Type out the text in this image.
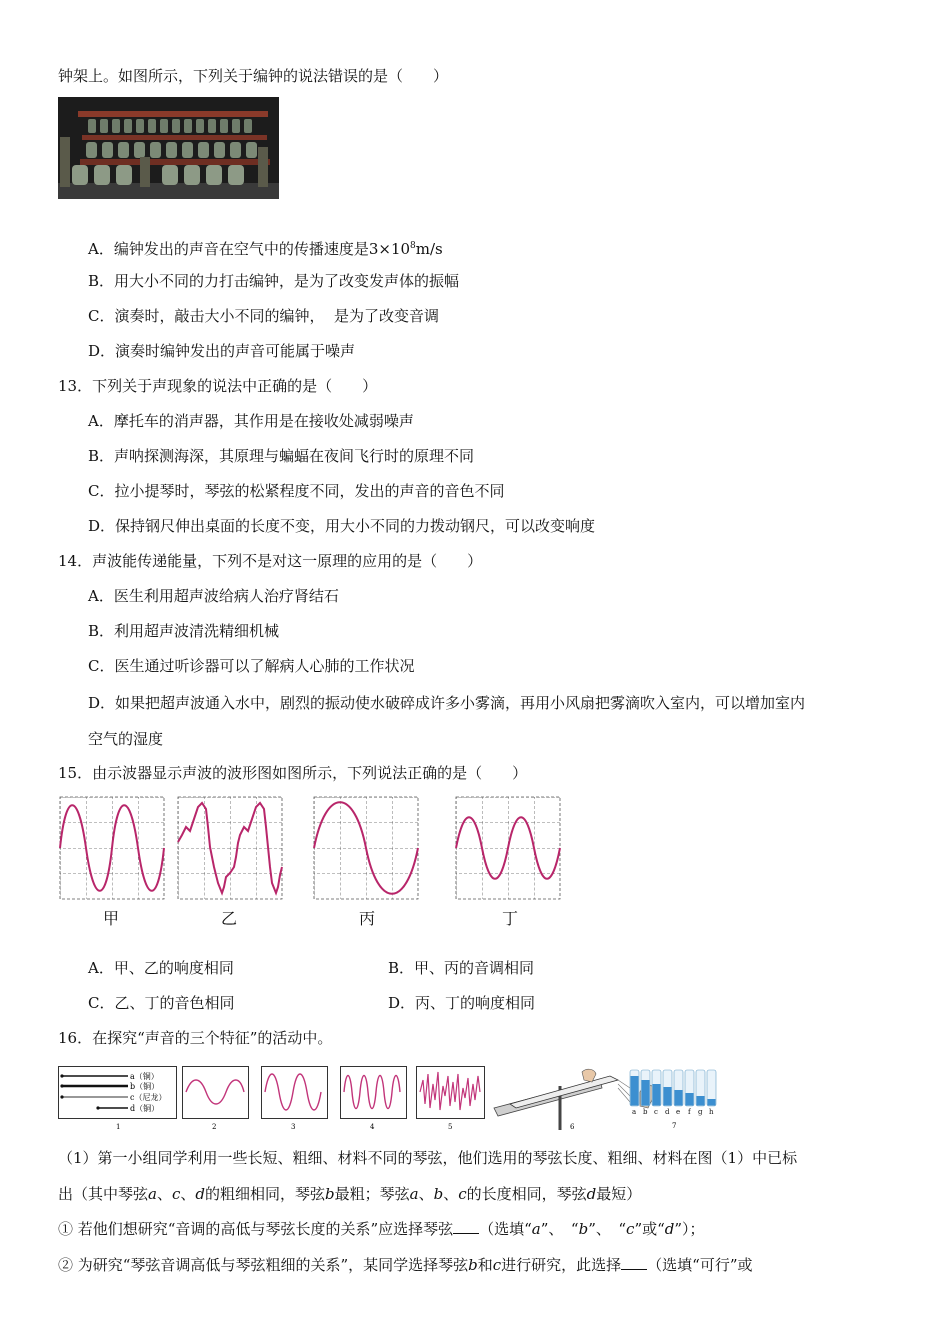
钟架上。如图所示，下列关于编钟的说法错误的是（　　）
A．编钟发出的声音在空气中的传播速度是$3\times 10^8m/s$
B．用大小不同的力打击编钟，是为了改变发声体的振幅
C．演奏时，敲击大小不同的编钟，  是为了改变音调
D．演奏时编钟发出的声音可能属于噪声
13．下列关于声现象的说法中正确的是（　　）
A．摩托车的消声器，其作用是在接收处减弱噪声
B．声呐探测海深，其原理与蝙蝠在夜间飞行时的原理不同
C．拉小提琴时，琴弦的松紧程度不同，发出的声音的音色不同
D．保持钢尺伸出桌面的长度不变，用大小不同的力拨动钢尺，可以改变响度
14．声波能传递能量，下列不是对这一原理的应用的是（　　）
A．医生利用超声波给病人治疗肾结石
B．利用超声波清洗精细机械
C．医生通过听诊器可以了解病人心肺的工作状况
D．如果把超声波通入水中，剧烈的振动使水破碎成许多小雾滴，再用小风扇把雾滴吹入室内，可以增加室内
空气的湿度
15．由示波器显示声波的波形图如图所示，下列说法正确的是（　　）
甲	乙	丙	丁
A．甲、乙的响度相同	B．甲、丙的音调相同
C．乙、丁的音色相同	D．丙、丁的响度相同
16．在探究“声音的三个特征”的活动中。
a（铜）
b（铜）
c（尼龙）
d（铜）
1	2	3	4	5	6
a b c d e f g h
7
（1）第一小组同学利用一些长短、粗细、材料不同的琴弦，他们选用的琴弦长度、粗细、材料在图（1）中已标
出（其中琴弦a、c、d的粗细相同，琴弦b最粗；琴弦a、b、c的长度相同，琴弦d最短）
① 若他们想研究“音调的高低与琴弦长度的关系”应选择琴弦 （选填“a”、　“b”、　“c”或“d”）；
② 为研究“琴弦音调高低与琴弦粗细的关系”，某同学选择琴弦b和c进行研究，此选择 （选填“可行”或
